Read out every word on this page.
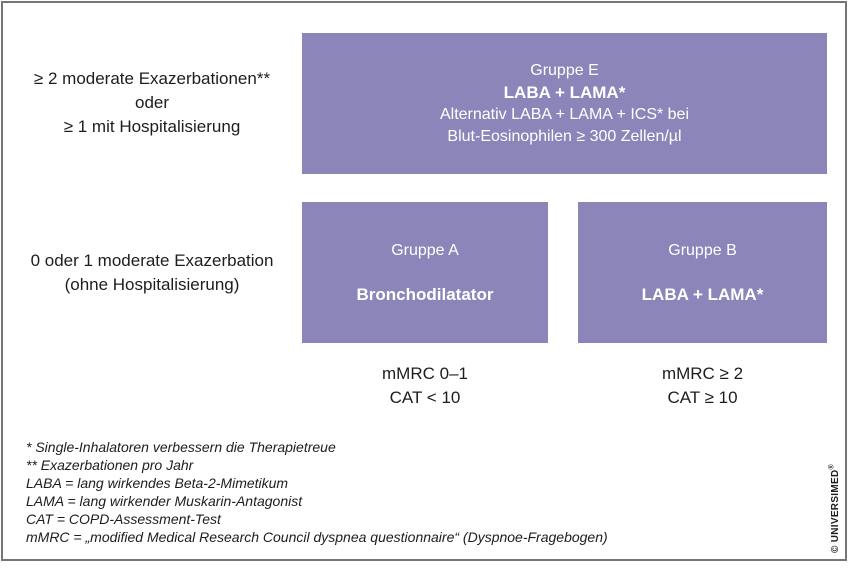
≥ 2 moderate Exazerbationen**
oder
≥ 1 mit Hospitalisierung
Gruppe E
LABA + LAMA*
Alternativ LABA + LAMA + ICS* bei
Blut-Eosinophilen ≥ 300 Zellen/µl
0 oder 1 moderate Exazerbation
(ohne Hospitalisierung)
Gruppe A
Bronchodilatator
Gruppe B
LABA + LAMA*
mMRC 0–1
CAT < 10
mMRC ≥ 2
CAT ≥ 10
* Single-Inhalatoren verbessern die Therapietreue
** Exazerbationen pro Jahr
LABA = lang wirkendes Beta-2-Mimetikum
LAMA = lang wirkender Muskarin-Antagonist
CAT = COPD-Assessment-Test
mMRC = „modified Medical Research Council dyspnea questionnaire“ (Dyspnoe-Fragebogen)	© UNIVERSIMED®
